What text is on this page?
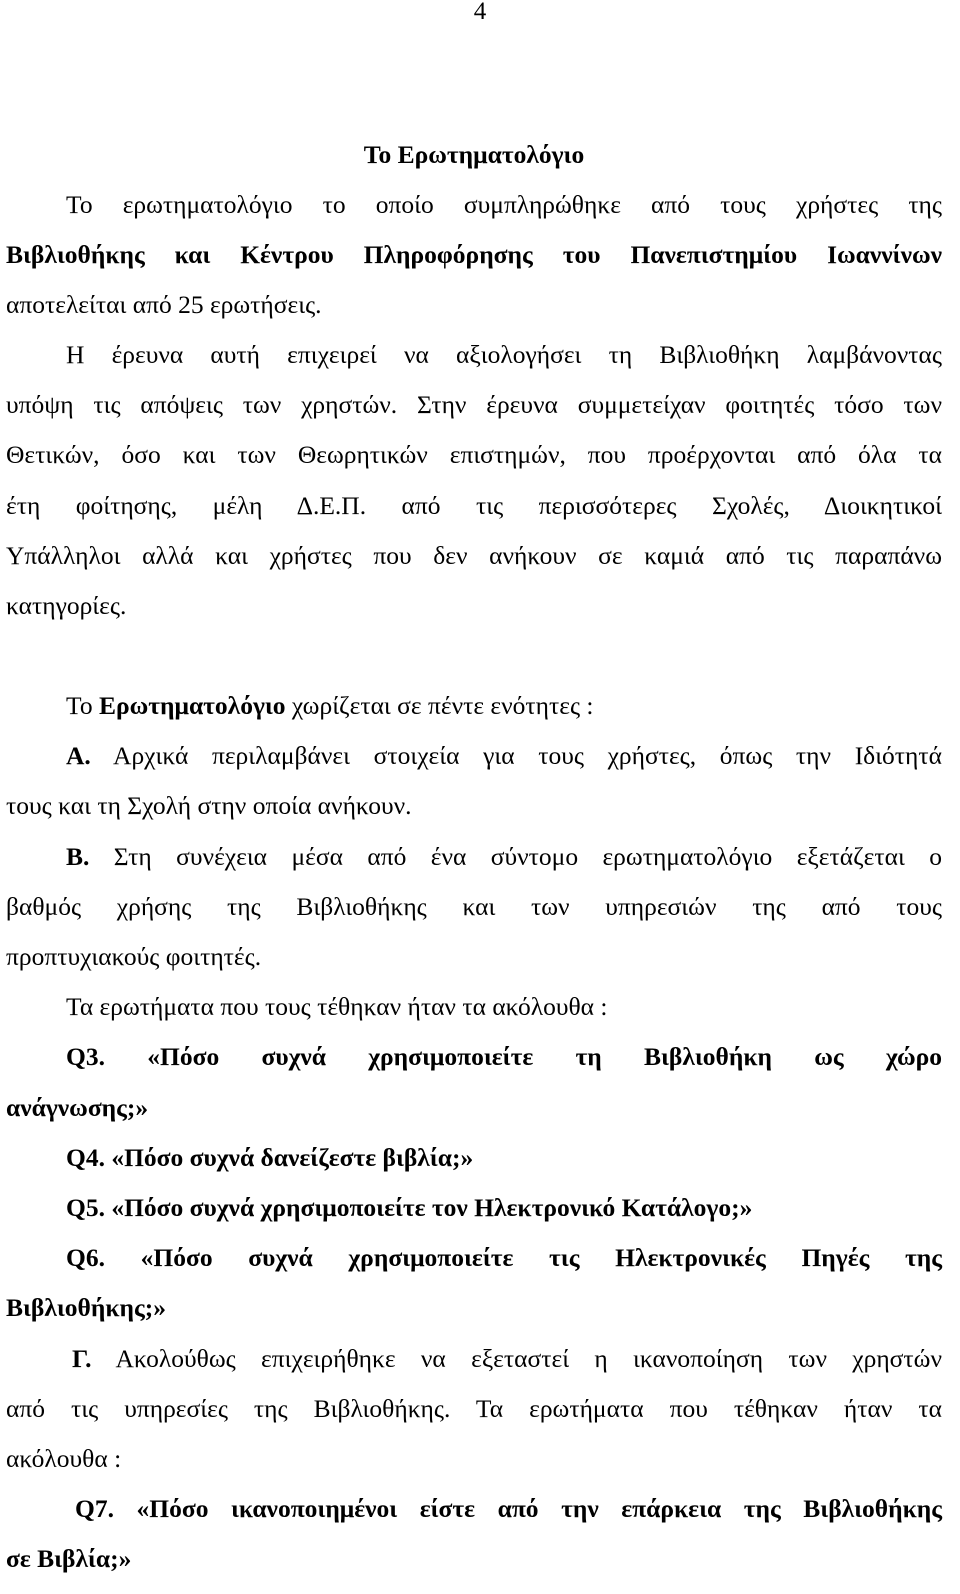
4
Το Ερωτηματολόγιο
Το ερωτηματολόγιο το οποίο συμπληρώθηκε από τους χρήστες της
Βιβλιοθήκης και Κέντρου Πληροφόρησης του Πανεπιστημίου Ιωαννίνων
αποτελείται από 25 ερωτήσεις.
Η έρευνα αυτή επιχειρεί να αξιολογήσει τη Βιβλιοθήκη λαμβάνοντας
υπόψη τις απόψεις των χρηστών. Στην έρευνα συμμετείχαν φοιτητές τόσο των
Θετικών, όσο και των Θεωρητικών επιστημών, που προέρχονται από όλα τα
έτη φοίτησης, μέλη Δ.Ε.Π. από τις περισσότερες Σχολές, Διοικητικοί
Υπάλληλοι αλλά και χρήστες που δεν ανήκουν σε καμιά από τις παραπάνω
κατηγορίες.
Το Ερωτηματολόγιο χωρίζεται σε πέντε ενότητες :
Α. Αρχικά περιλαμβάνει στοιχεία για τους χρήστες, όπως την Ιδιότητά
τους και τη Σχολή στην οποία ανήκουν.
Β. Στη συνέχεια μέσα από ένα σύντομο ερωτηματολόγιο εξετάζεται ο
βαθμός χρήσης της Βιβλιοθήκης και των υπηρεσιών της από τους
προπτυχιακούς φοιτητές.
Τα ερωτήματα που τους τέθηκαν ήταν τα ακόλουθα :
Q3. «Πόσο συχνά χρησιμοποιείτε τη Βιβλιοθήκη ως χώρο
ανάγνωσης;»
Q4. «Πόσο συχνά δανείζεστε βιβλία;»
Q5. «Πόσο συχνά χρησιμοποιείτε τον Ηλεκτρονικό Κατάλογο;»
Q6. «Πόσο συχνά χρησιμοποιείτε τις Ηλεκτρονικές Πηγές της
Βιβλιοθήκης;»
Γ. Ακολούθως επιχειρήθηκε να εξεταστεί η ικανοποίηση των χρηστών
από τις υπηρεσίες της Βιβλιοθήκης. Τα ερωτήματα που τέθηκαν ήταν τα
ακόλουθα :
Q7. «Πόσο ικανοποιημένοι είστε από την επάρκεια της Βιβλιοθήκης
σε Βιβλία;»
